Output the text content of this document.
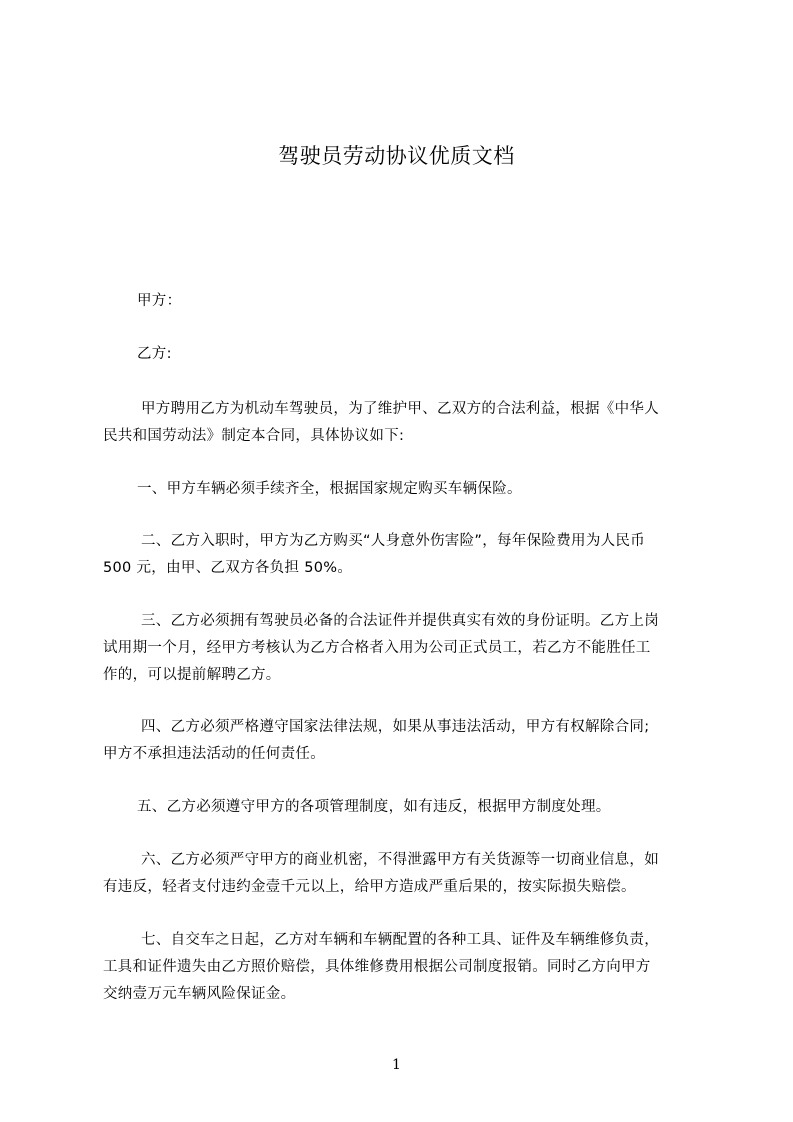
驾驶员劳动协议优质文档
甲方：
乙方:
甲方聘用乙方为机动车驾驶员，为了维护甲、乙双方的合法利益，根据《中华人
民共和国劳动法》制定本合同，具体协议如下:
一、甲方车辆必须手续齐全，根据国家规定购买车辆保险。
二、乙方入职时，甲方为乙方购买“人身意外伤害险”，每年保险费用为人民币
500 元，由甲、乙双方各负担 50%。
三、乙方必须拥有驾驶员必备的合法证件并提供真实有效的身份证明。乙方上岗
试用期一个月，经甲方考核认为乙方合格者入用为公司正式员工，若乙方不能胜任工
作的，可以提前解聘乙方。
四、乙方必须严格遵守国家法律法规，如果从事违法活动，甲方有权解除合同;
甲方不承担违法活动的任何责任。
五、乙方必须遵守甲方的各项管理制度，如有违反，根据甲方制度处理。
六、乙方必须严守甲方的商业机密，不得泄露甲方有关货源等一切商业信息，如
有违反，轻者支付违约金壹千元以上，给甲方造成严重后果的，按实际损失赔偿。
七、自交车之日起，乙方对车辆和车辆配置的各种工具、证件及车辆维修负责，
工具和证件遗失由乙方照价赔偿，具体维修费用根据公司制度报销。同时乙方向甲方
交纳壹万元车辆风险保证金。
1
